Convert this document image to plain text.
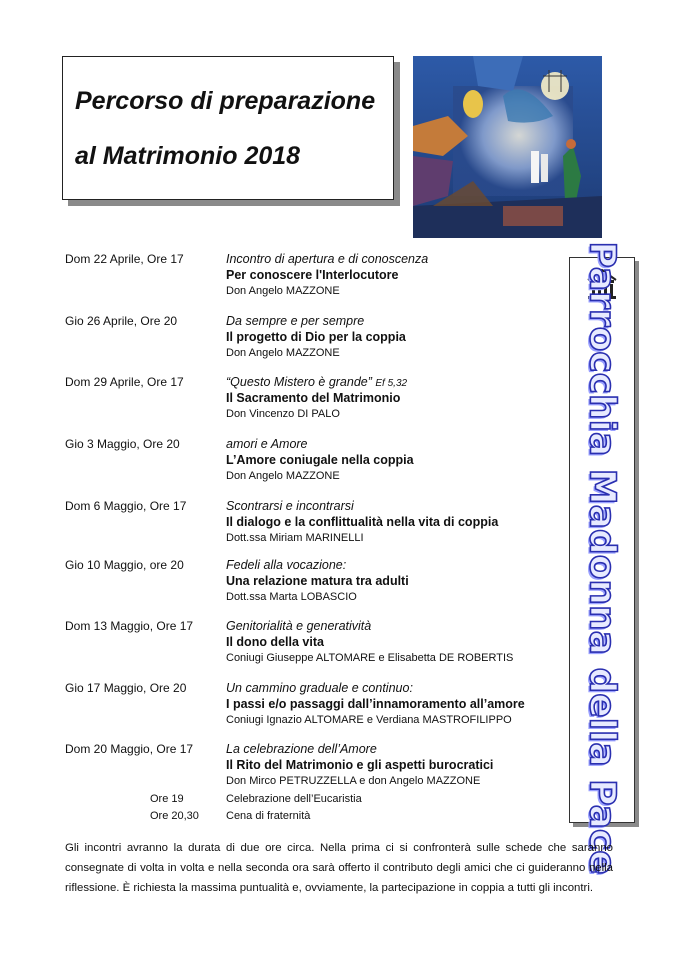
Percorso di preparazione
al Matrimonio 2018
Dom 22 Aprile, Ore 17	Incontro di apertura e di conoscenza
Per conoscere l'Interlocutore
Don Angelo MAZZONE
Gio 26 Aprile, Ore 20	Da sempre e per sempre
Il progetto di Dio per la coppia
Don Angelo MAZZONE
Dom 29 Aprile, Ore 17	“Questo Mistero è grande” Ef 5,32
Il Sacramento del Matrimonio
Don Vincenzo DI PALO
Gio 3 Maggio, Ore 20	amori e Amore
L’Amore coniugale nella coppia
Don Angelo MAZZONE
Dom 6 Maggio, Ore 17	Scontrarsi e incontrarsi
Il dialogo e la conflittualità nella vita di coppia
Dott.ssa Miriam MARINELLI
Gio 10 Maggio, ore 20	Fedeli alla vocazione:
Una relazione matura tra adulti
Dott.ssa Marta LOBASCIO
Dom 13 Maggio, Ore 17	Genitorialità e generatività
Il dono della vita
Coniugi Giuseppe ALTOMARE e Elisabetta DE ROBERTIS
Gio 17 Maggio, Ore 20	Un cammino graduale e continuo:
I passi e/o passaggi dall’innamoramento all’amore
Coniugi Ignazio ALTOMARE e Verdiana MASTROFILIPPO
Dom 20 Maggio, Ore 17	La celebrazione dell’Amore
Il Rito del Matrimonio e gli aspetti burocratici
Don Mirco PETRUZZELLA e don Angelo MAZZONE
Ore 19	Celebrazione dell’Eucaristia
Ore 20,30 Cena di fraternità	Parrocchia Madonna della Pace
Gli incontri avranno la durata di due ore circa. Nella prima ci si confronterà sulle schede che saranno consegnate di volta in volta e nella seconda ora sarà offerto il contributo degli amici che ci guideranno nella riflessione. È richiesta la massima puntualità e, ovviamente, la partecipazione in coppia a tutti gli incontri.
